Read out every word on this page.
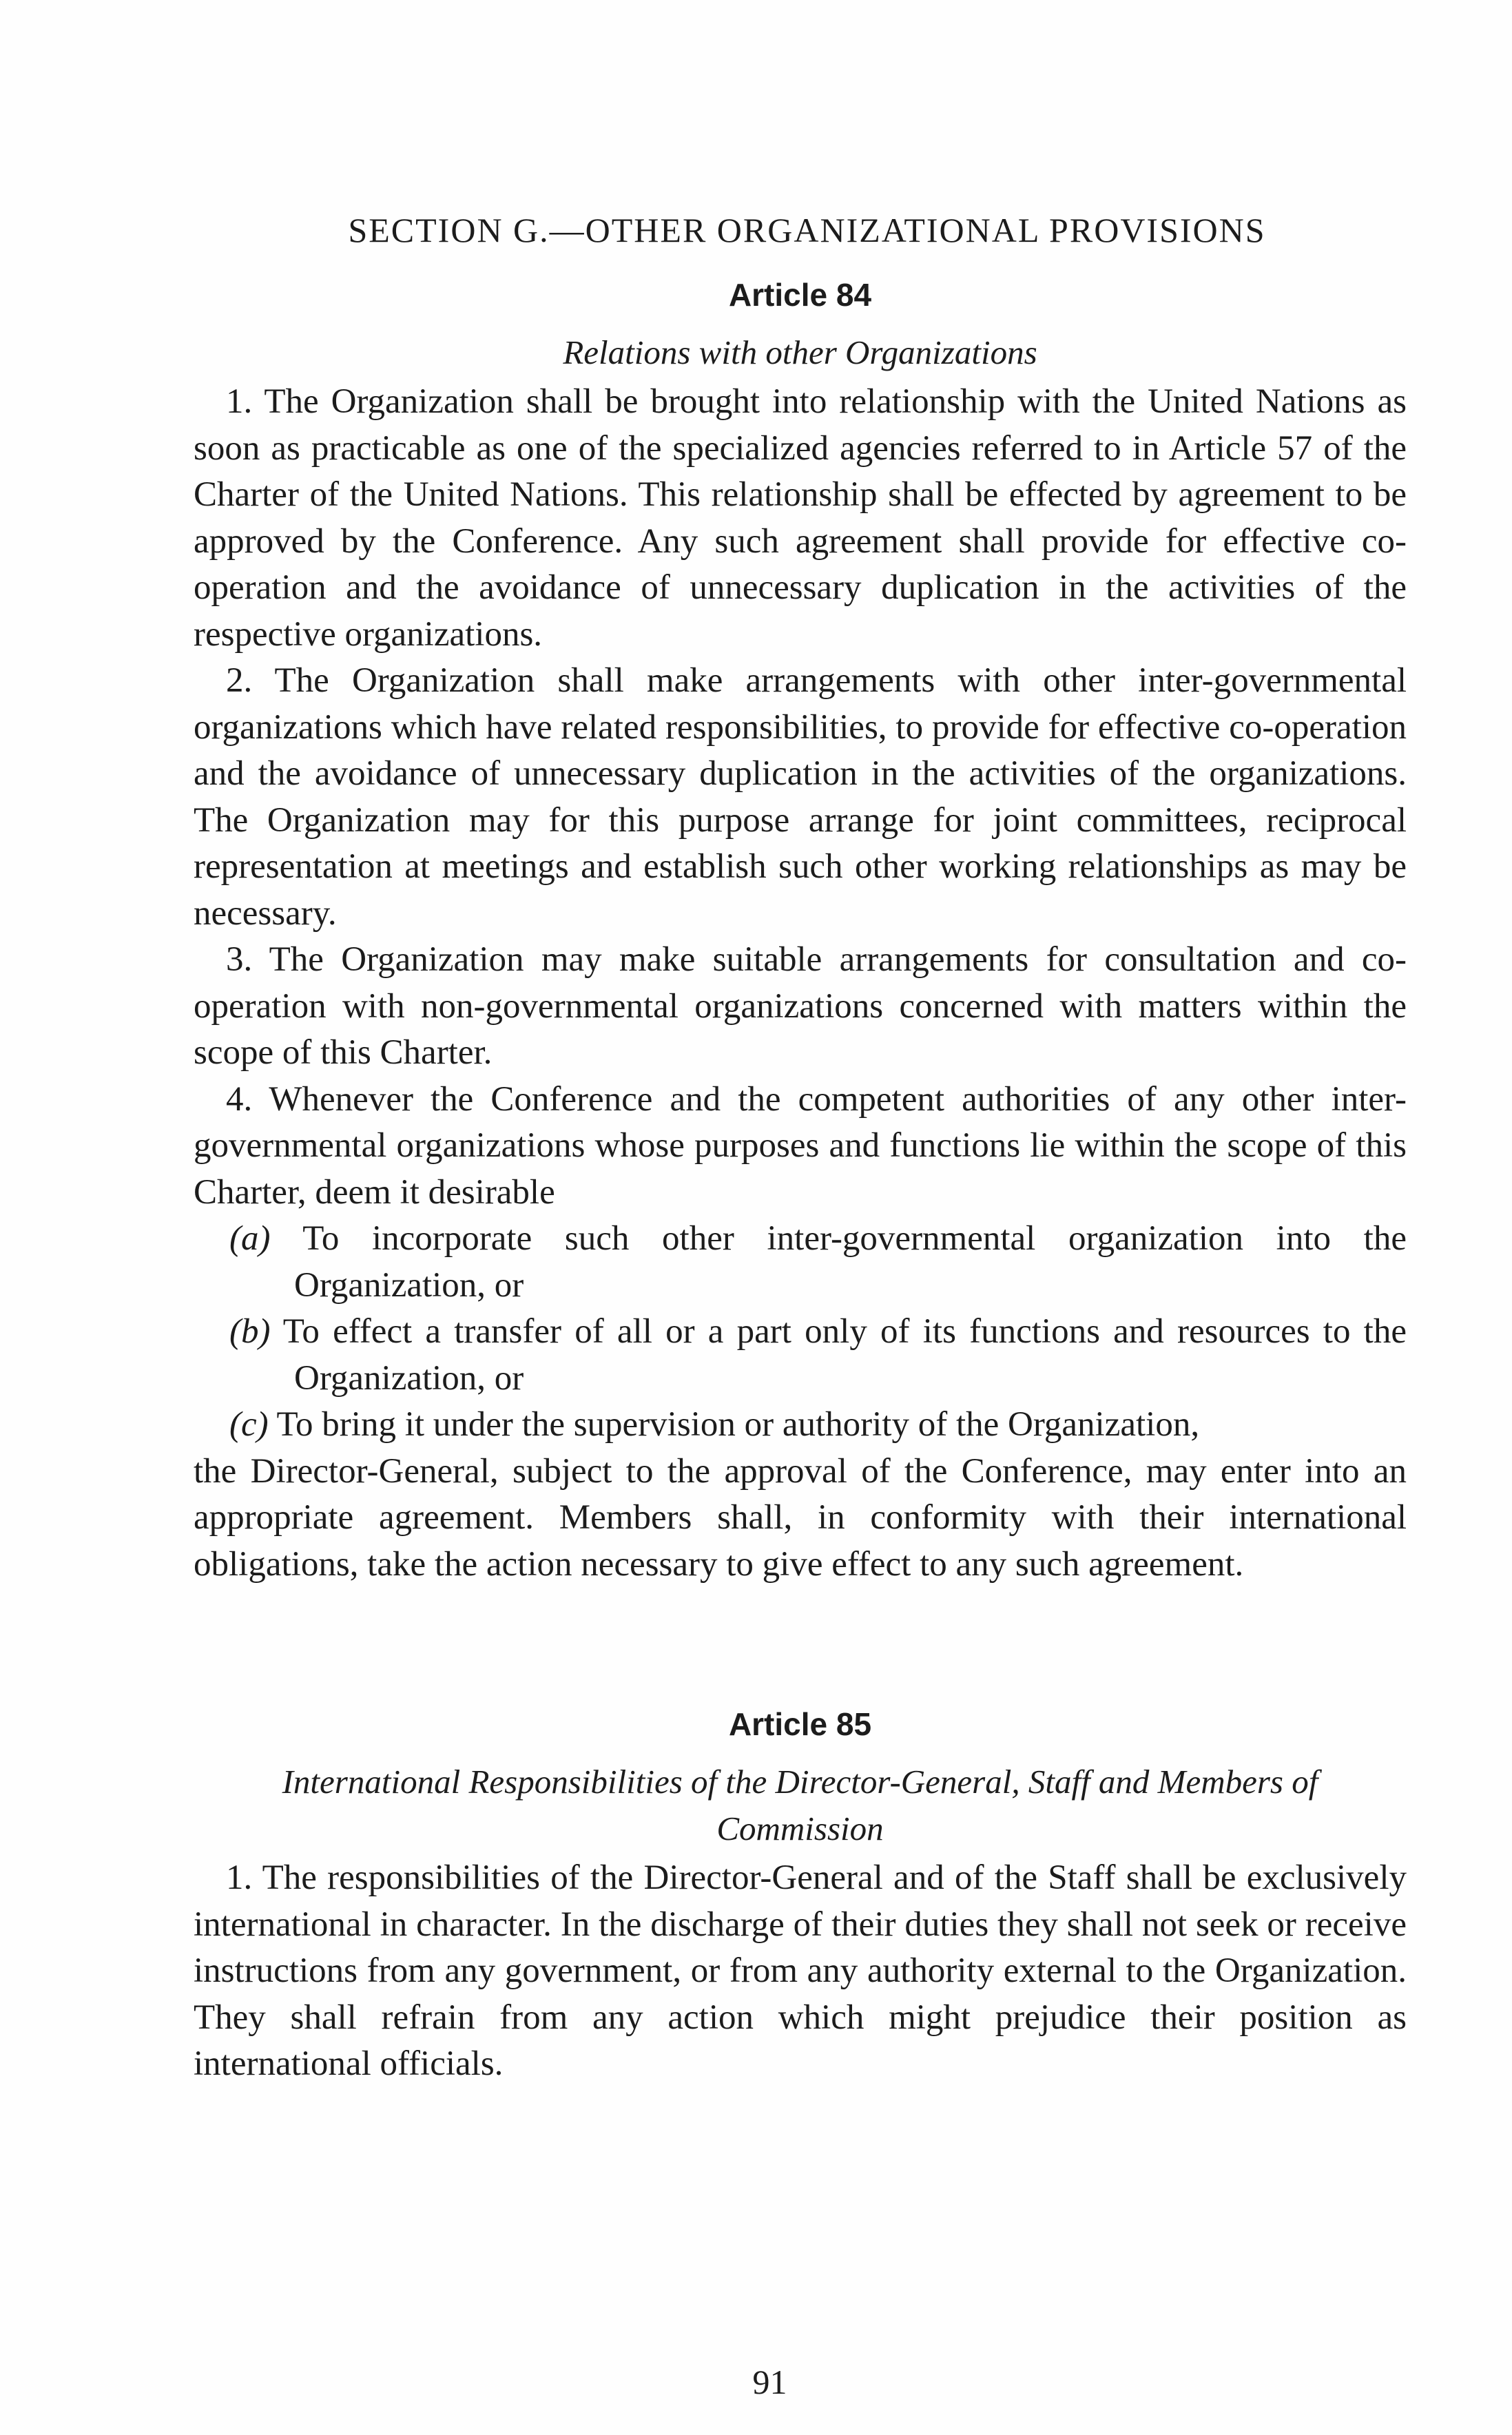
SECTION G.—OTHER ORGANIZATIONAL PROVISIONS
Article 84
Relations with other Organizations

1. The Organization shall be brought into relationship with the United Nations as soon as practicable as one of the specialized agencies referred to in Article 57 of the Charter of the United Nations. This relationship shall be effected by agreement to be approved by the Conference. Any such agreement shall provide for effective co-operation and the avoidance of unnecessary duplication in the activities of the respective organizations.

2. The Organization shall make arrangements with other inter-governmental organizations which have related responsibilities, to provide for effective co-operation and the avoidance of unnecessary duplication in the activities of the organizations. The Organization may for this purpose arrange for joint committees, reciprocal representation at meetings and establish such other working relationships as may be necessary.

3. The Organization may make suitable arrangements for consultation and co-operation with non-governmental organizations concerned with matters within the scope of this Charter.

4. Whenever the Conference and the competent authorities of any other inter-governmental organizations whose purposes and functions lie within the scope of this Charter, deem it desirable

(a) To incorporate such other inter-governmental organization into the Organization, or

(b) To effect a transfer of all or a part only of its functions and resources to the Organization, or

(c) To bring it under the supervision or authority of the Organization,

the Director-General, subject to the approval of the Conference, may enter into an appropriate agreement. Members shall, in conformity with their international obligations, take the action necessary to give effect to any such agreement.

Article 85
International Responsibilities of the Director-General, Staff and Members of Commission

1. The responsibilities of the Director-General and of the Staff shall be exclusively international in character. In the discharge of their duties they shall not seek or receive instructions from any government, or from any authority external to the Organization. They shall refrain from any action which might prejudice their position as international officials.

91
